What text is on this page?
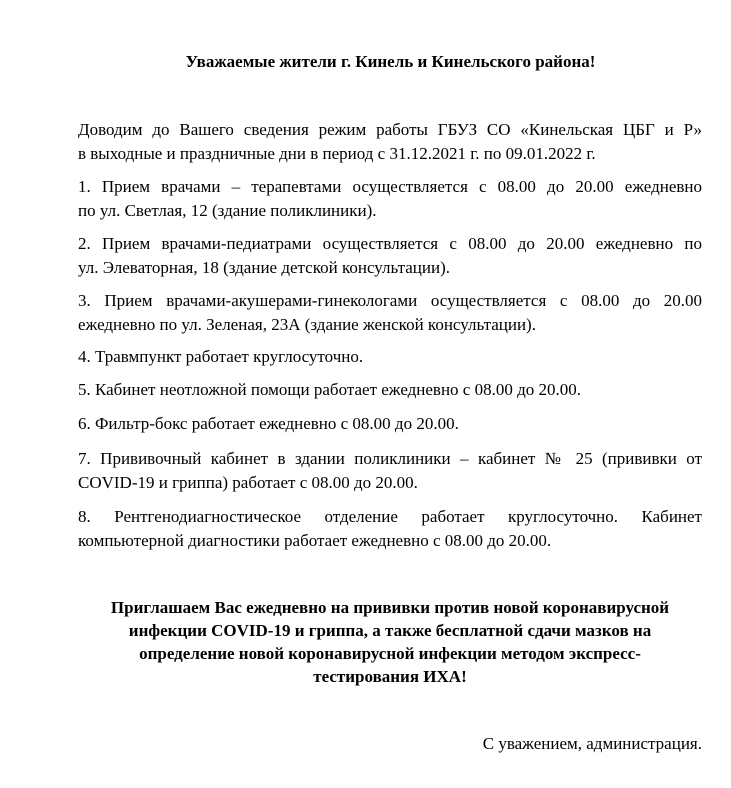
Уважаемые жители г. Кинель и Кинельского района!
Доводим до Вашего сведения режим работы ГБУЗ СО «Кинельская ЦБГ и Р»
в выходные и праздничные дни в период с 31.12.2021 г. по 09.01.2022 г.
1. Прием врачами – терапевтами осуществляется с 08.00 до 20.00 ежедневно
по ул. Светлая, 12 (здание поликлиники).
2. Прием врачами-педиатрами осуществляется с 08.00 до 20.00 ежедневно по
ул. Элеваторная, 18 (здание детской консультации).
3. Прием врачами-акушерами-гинекологами осуществляется с 08.00 до 20.00
ежедневно по ул. Зеленая, 23А (здание женской консультации).
4. Травмпункт работает круглосуточно.
5. Кабинет неотложной помощи работает ежедневно с 08.00 до 20.00.
6. Фильтр-бокс работает ежедневно с 08.00 до 20.00.
7. Прививочный кабинет в здании поликлиники – кабинет № 25 (прививки от
COVID-19 и гриппа) работает с 08.00 до 20.00.
8. Рентгенодиагностическое отделение работает круглосуточно. Кабинет
компьютерной диагностики работает ежедневно с 08.00 до 20.00.
Приглашаем Вас ежедневно на прививки против новой коронавирусной
инфекции COVID-19 и гриппа, а также бесплатной сдачи мазков на
определение новой коронавирусной инфекции методом экспресс-
тестирования ИХА!
С уважением, администрация.
